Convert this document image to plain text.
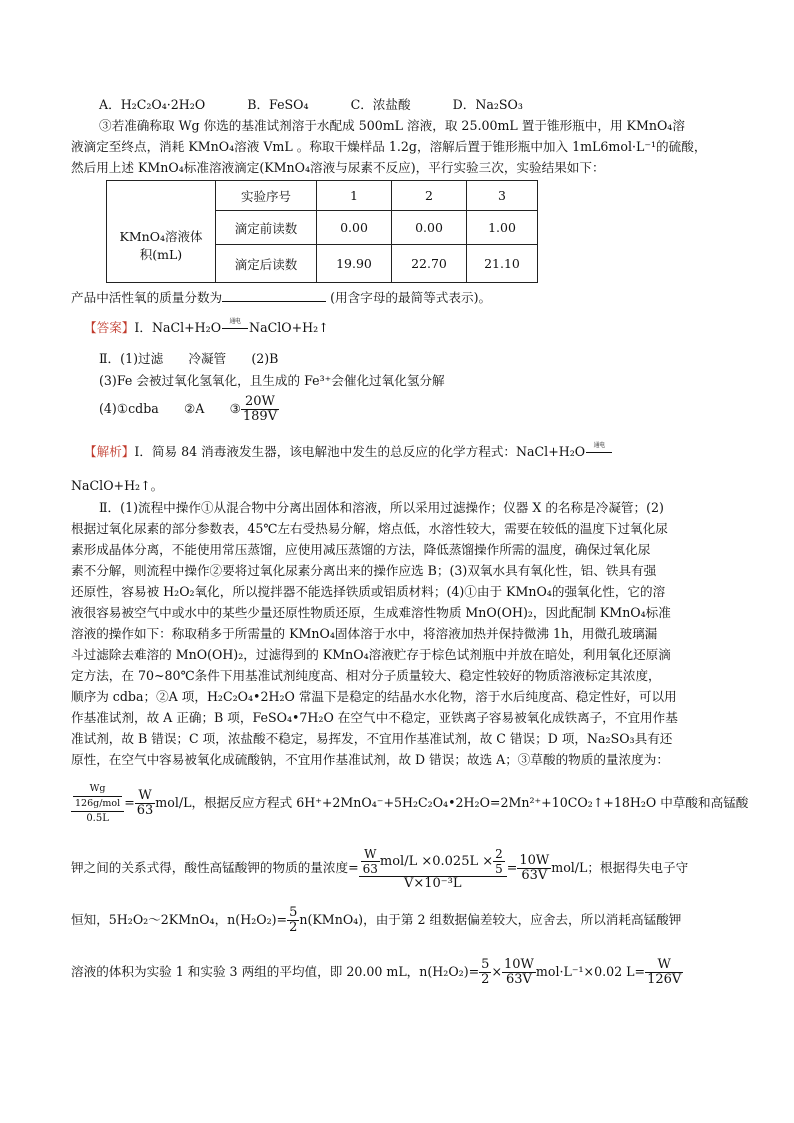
A．H₂C₂O₄·2H₂O	B．FeSO₄	C．浓盐酸	D．Na₂SO₃
③若准确称取 Wg 你选的基准试剂溶于水配成 500mL 溶液，取 25.00mL 置于锥形瓶中，用 KMnO₄溶
液滴定至终点，消耗 KMnO₄溶液 VmL 。称取干燥样品 1.2g，溶解后置于锥形瓶中加入 1mL6mol·L⁻¹的硫酸，
然后用上述 KMnO₄标准溶液滴定(KMnO₄溶液与尿素不反应)，平行实验三次，实验结果如下：
	实验序号	1	2	3
KMnO₄溶液体
积(mL)	滴定前读数	0.00	0.00	1.00
	滴定后读数	19.90	22.70	21.10
产品中活性氧的质量分数为	(用含字母的最简等式表示)。
【答案】Ⅰ．NaCl+H₂O	通电 NaClO+H₂↑
Ⅱ．(1)过滤　　冷凝管　　(2)B
(3)Fe 会被过氧化氢氧化，且生成的 Fe³⁺会催化过氧化氢分解
(4)①cdba　　②A　　③ $\frac{20W}{189V}$
【解析】Ⅰ．简易 84 消毒液发生器，该电解池中发生的总反应的化学方程式：NaCl+H₂O	通电
NaClO+H₂↑。
Ⅱ．(1)流程中操作①从混合物中分离出固体和溶液，所以采用过滤操作；仪器 X 的名称是冷凝管；(2)
根据过氧化尿素的部分参数表，45℃左右受热易分解，熔点低，水溶性较大，需要在较低的温度下过氧化尿
素形成晶体分离，不能使用常压蒸馏，应使用减压蒸馏的方法，降低蒸馏操作所需的温度，确保过氧化尿
素不分解，则流程中操作②要将过氧化尿素分离出来的操作应选 B；(3)双氧水具有氧化性，铝、铁具有强
还原性，容易被 H₂O₂氧化，所以搅拌器不能选择铁质或铝质材料；(4)①由于 KMnO₄的强氧化性，它的溶
液很容易被空气中或水中的某些少量还原性物质还原，生成难溶性物质 MnO(OH)₂，因此配制 KMnO₄标准
溶液的操作如下：称取稍多于所需量的 KMnO₄固体溶于水中，将溶液加热并保持微沸 1h，用微孔玻璃漏
斗过滤除去难溶的 MnO(OH)₂，过滤得到的 KMnO₄溶液贮存于棕色试剂瓶中并放在暗处，利用氧化还原滴
定方法，在 70~80℃条件下用基准试剂纯度高、相对分子质量较大、稳定性较好的物质溶液标定其浓度，
顺序为 cdba；②A 项，H₂C₂O₄•2H₂O 常温下是稳定的结晶水水化物，溶于水后纯度高、稳定性好，可以用
作基准试剂，故 A 正确；B 项，FeSO₄•7H₂O 在空气中不稳定，亚铁离子容易被氧化成铁离子，不宜用作基
准试剂，故 B 错误；C 项，浓盐酸不稳定，易挥发，不宜用作基准试剂，故 C 错误；D 项，Na₂SO₃具有还
原性，在空气中容易被氧化成硫酸钠，不宜用作基准试剂，故 D 错误；故选 A；③草酸的物质的量浓度为：
$\frac{\frac{Wg}{\text{126g/mol}}}{0.5L} = \frac{W}{63} mol/L$，根据反应方程式 6H⁺+2MnO₄⁻+5H₂C₂O₄•2H₂O=2Mn²⁺+10CO₂↑+18H₂O 中草酸和高锰酸
钾之间的关系式得，酸性高锰酸钾的物质的量浓度= $\frac{\frac{W}{63} mol/L \times 0.025L \times \frac{2}{5}}{\text{V×10⁻³L}} = \frac{10W}{63V} mol/L$；根据得失电子守
恒知，5H₂O₂～2KMnO₄，$n(H_2O_2)= \frac{5}{2}$ n(KMnO₄)，由于第 2 组数据偏差较大，应舍去，所以消耗高锰酸钾
溶液的体积为实验 1 和实验 3 两组的平均值，即 20.00 mL，$n(H_2O_2)= \frac{5}{2} \times \frac{10W}{63V} mol\cdot L^{-1}\times 0.02$ $L= \frac{W}{126V}$
